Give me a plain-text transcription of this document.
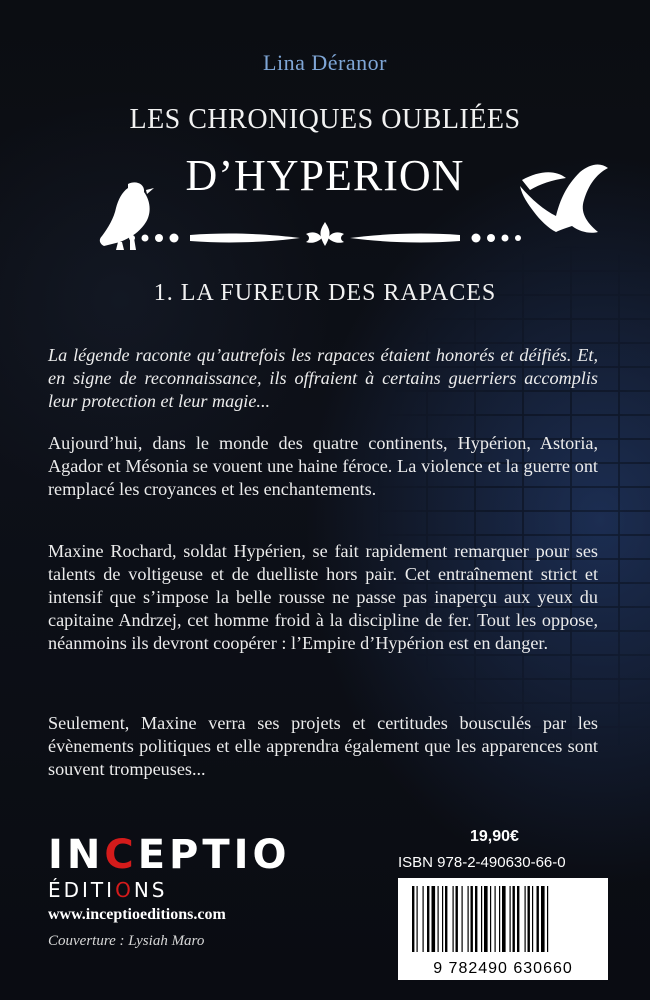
Lina Déranor
LES CHRONIQUES OUBLIÉES
D’HYPERION
1. LA FUREUR DES RAPACES

La légende raconte qu’autrefois les rapaces étaient honorés et déifiés. Et, en signe de reconnaissance, ils offraient à certains guerriers accomplis leur protection et leur magie...

Aujourd’hui, dans le monde des quatre continents, Hypérion, Astoria, Agador et Mésonia se vouent une haine féroce. La violence et la guerre ont remplacé les croyances et les enchantements.

Maxine Rochard, soldat Hypérien, se fait rapidement remarquer pour ses talents de voltigeuse et de duelliste hors pair. Cet entraînement strict et intensif que s’impose la belle rousse ne passe pas inaperçu aux yeux du capitaine Andrzej, cet homme froid à la discipline de fer. Tout les oppose, néanmoins ils devront coopérer : l’Empire d’Hypérion est en danger.

Seulement, Maxine verra ses projets et certitudes bousculés par les évènements politiques et elle apprendra également que les apparences sont souvent trompeuses...

INCEPTIO
ÉDITIONS
www.inceptioeditions.com
Couverture : Lysiah Maro
19,90€
ISBN 978-2-490630-66-0
9 782490 630660
